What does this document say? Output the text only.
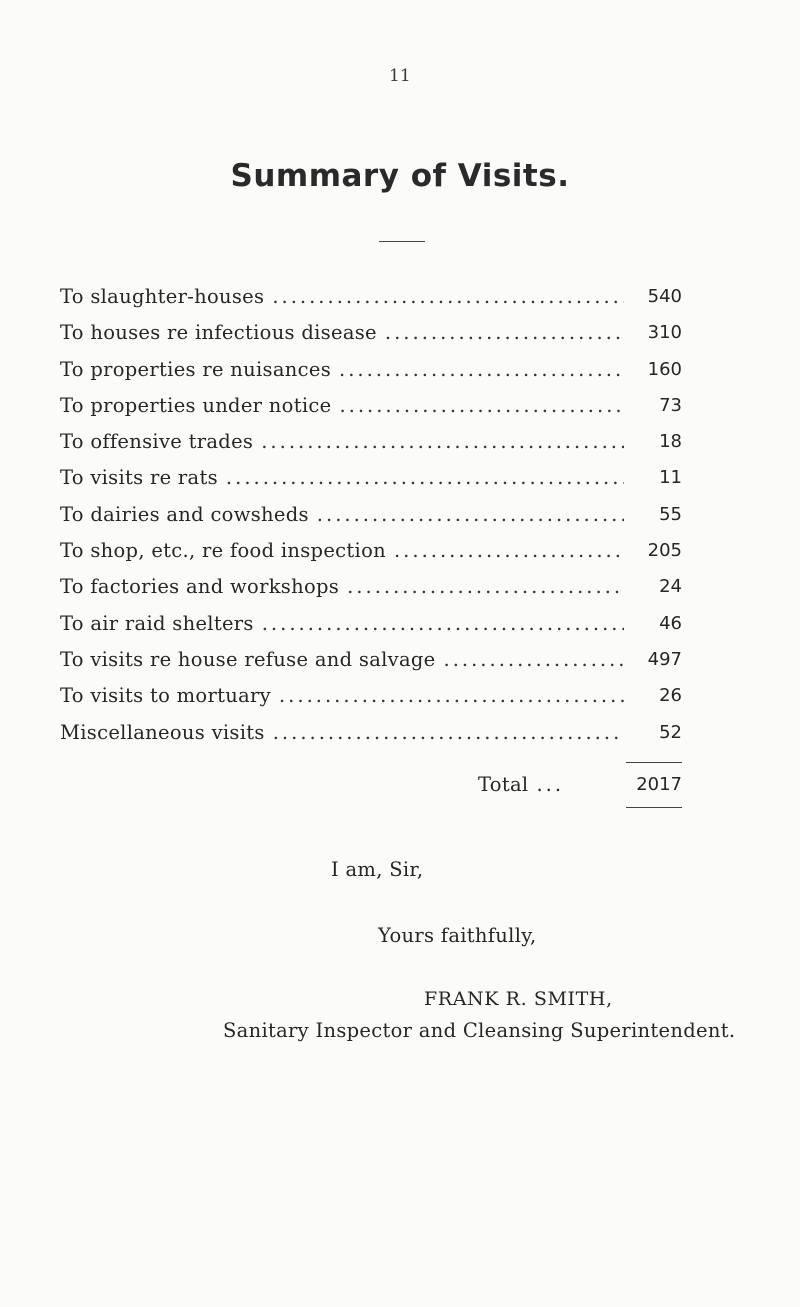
11
Summary of Visits.
To slaughter-houses .....	540
To houses re infectious disease .....	310
To properties re nuisances .....	160
To properties under notice .....	73
To offensive trades .....	18
To visits re rats .....	11
To dairies and cowsheds .....	55
To shop, etc., re food inspection .....	205
To factories and workshops .....	24
To air raid shelters .....	46
To visits re house refuse and salvage .....	497
To visits to mortuary .....	26
Miscellaneous visits .....	52
Total ...	2017
I am, Sir,
Yours faithfully,
FRANK R. SMITH,
Sanitary Inspector and Cleansing Superintendent.
